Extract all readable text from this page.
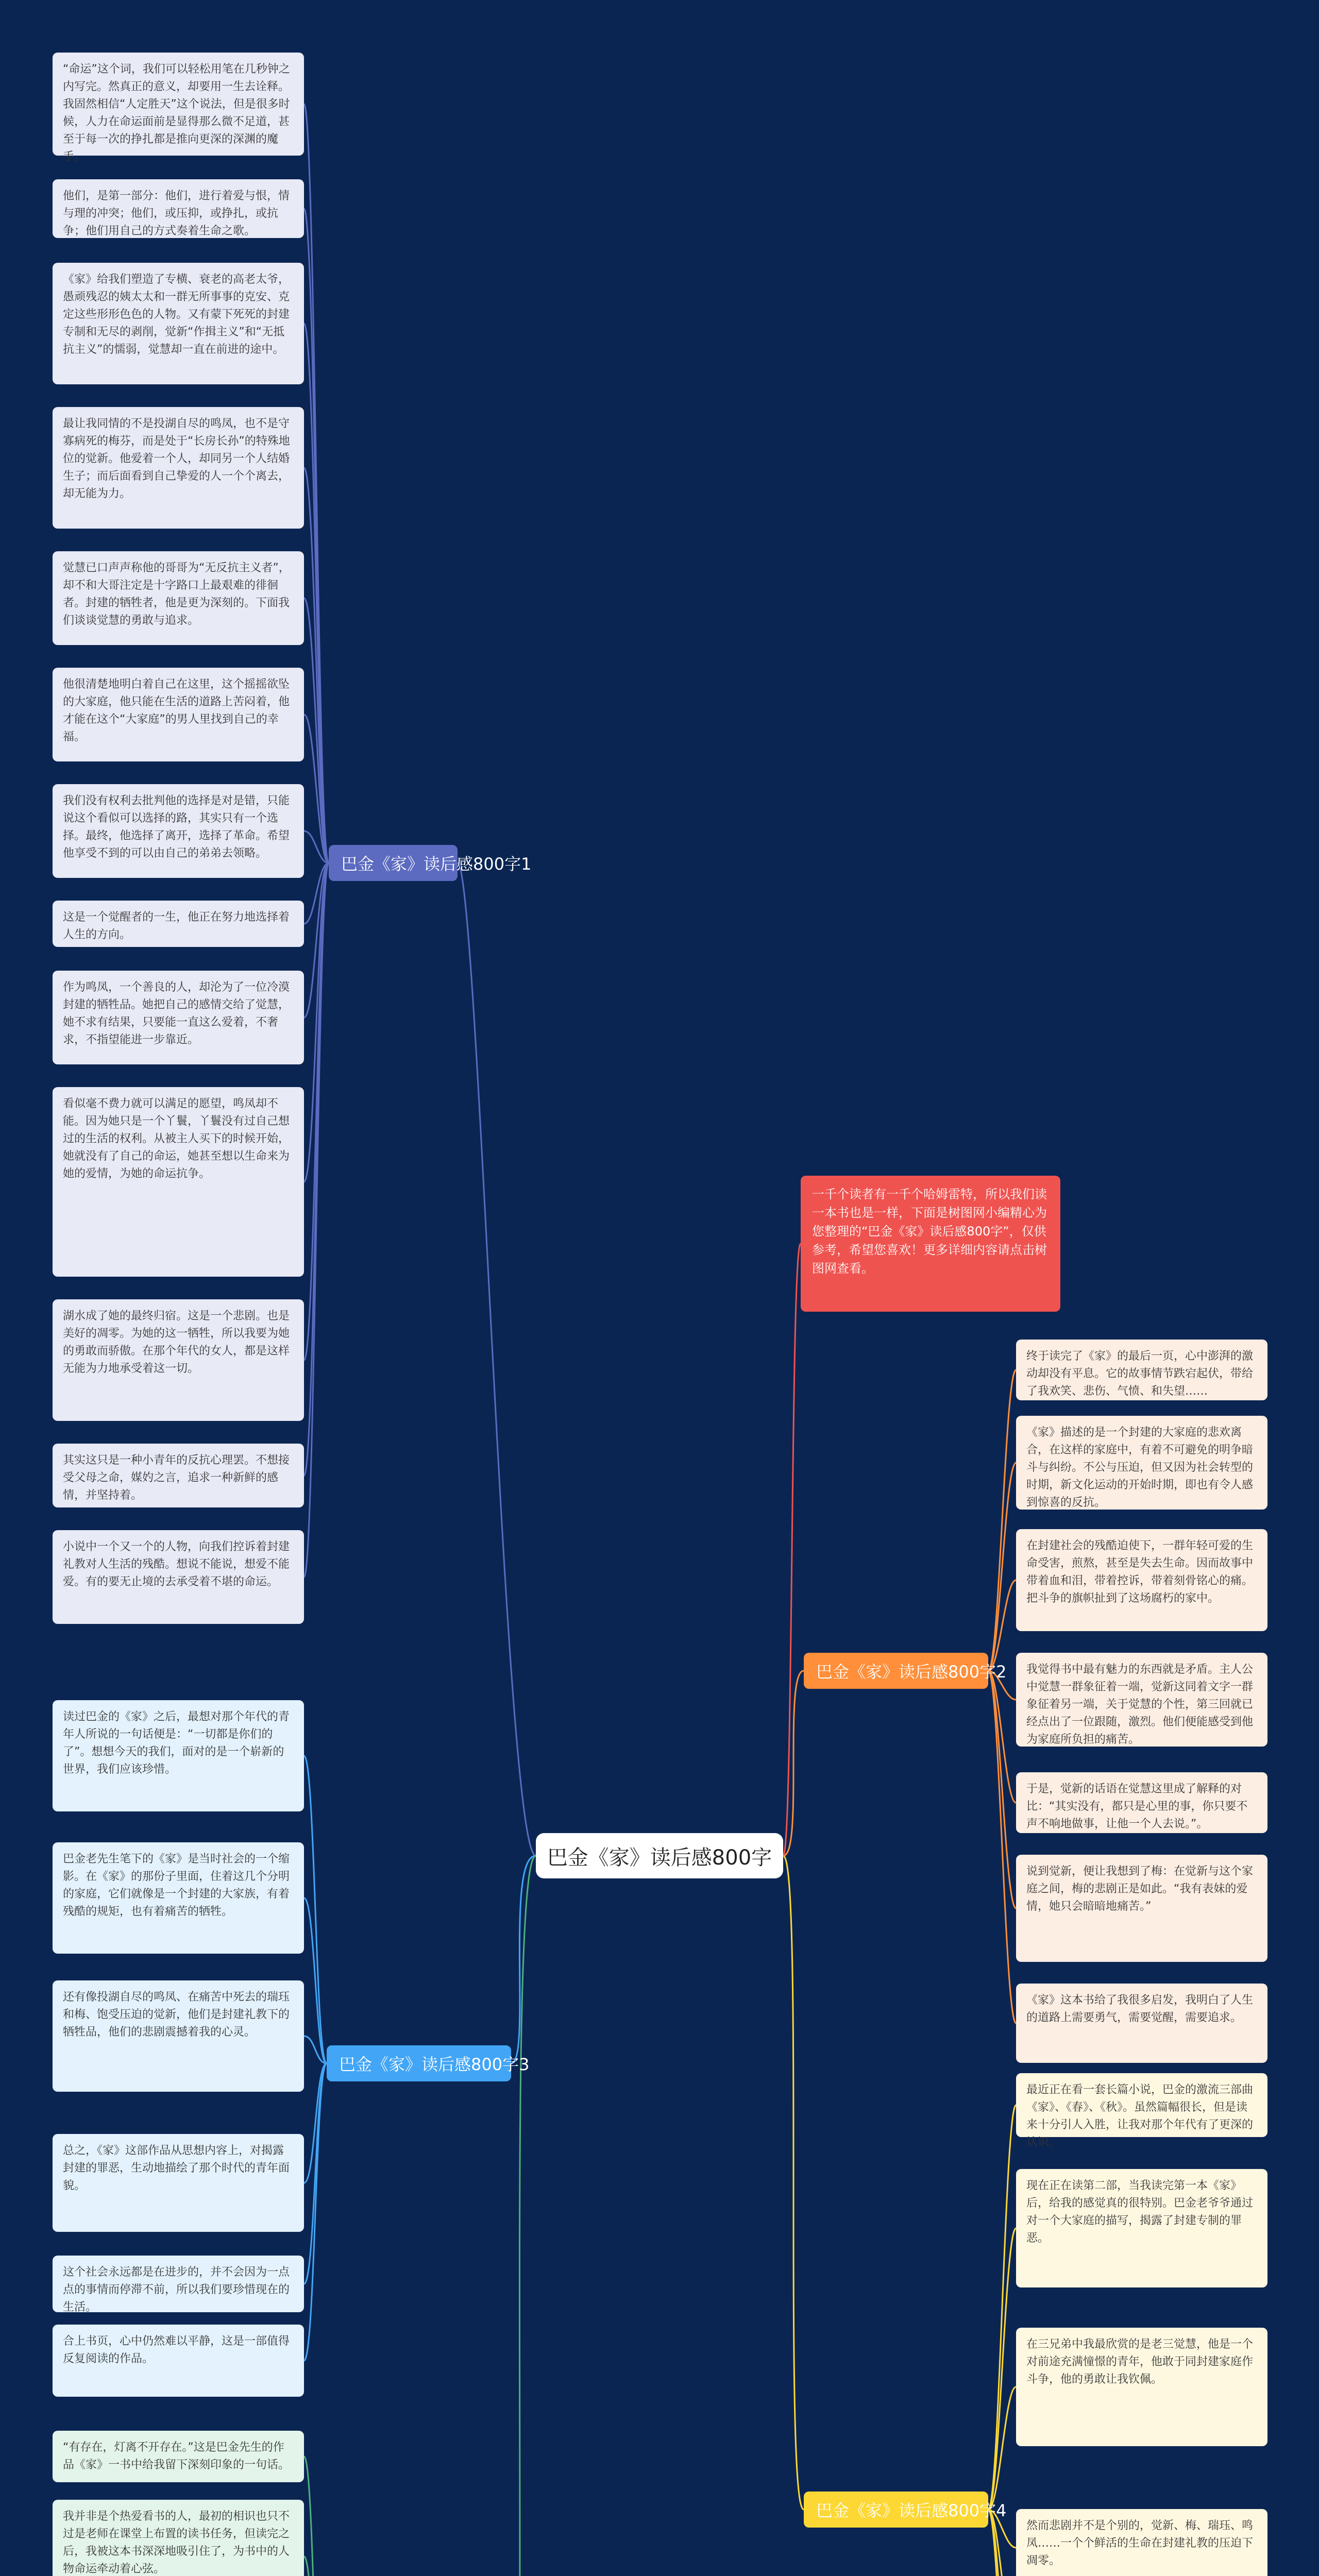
巴金《家》读后感800字
一千个读者有一千个哈姆雷特，所以我们读一本书也是一样，下面是树图网小编精心为您整理的“巴金《家》读后感800字”，仅供参考，希望您喜欢！更多详细内容请点击树图网查看。
巴金《家》读后感800字1
“命运”这个词，我们可以轻松用笔在几秒钟之内写完。然真正的意义，却要用一生去诠释。我固然相信“人定胜天”这个说法，但是很多时候，人力在命运面前是显得那么微不足道，甚至于每一次的挣扎都是推向更深的深渊的魔手。
他们，是第一部分：他们，进行着爱与恨，情与理的冲突；他们，或压抑，或挣扎，或抗争；他们用自己的方式奏着生命之歌。
《家》给我们塑造了专横、衰老的高老太爷，愚顽残忍的姨太太和一群无所事事的克安、克定这些形形色色的人物。又有蒙下死死的封建专制和无尽的剥削，觉新“作揖主义”和“无抵抗主义”的懦弱，觉慧却一直在前进的途中。
最让我同情的不是投湖自尽的鸣凤，也不是守寡病死的梅芬，而是处于“长房长孙”的特殊地位的觉新。他爱着一个人，却同另一个人结婚生子；而后面看到自己挚爱的人一个个离去，却无能为力。
觉慧已口声声称他的哥哥为“无反抗主义者”，却不和大哥注定是十字路口上最艰难的徘徊者。封建的牺牲者，他是更为深刻的。下面我们谈谈觉慧的勇敢与追求。
他很清楚地明白着自己在这里，这个摇摇欲坠的大家庭，他只能在生活的道路上苦闷着，他才能在这个“大家庭”的男人里找到自己的幸福。
我们没有权利去批判他的选择是对是错，只能说这个看似可以选择的路，其实只有一个选择。最终，他选择了离开，选择了革命。希望他享受不到的可以由自己的弟弟去领略。
这是一个觉醒者的一生，他正在努力地选择着人生的方向。
作为鸣凤，一个善良的人，却沦为了一位冷漠封建的牺牲品。她把自己的感情交给了觉慧，她不求有结果，只要能一直这么爱着，不奢求，不指望能进一步靠近。
看似毫不费力就可以满足的愿望，鸣凤却不能。因为她只是一个丫鬟，丫鬟没有过自己想过的生活的权利。从被主人买下的时候开始，她就没有了自己的命运，她甚至想以生命来为她的爱情，为她的命运抗争。
湖水成了她的最终归宿。这是一个悲剧。也是美好的凋零。为她的这一牺牲，所以我要为她的勇敢而骄傲。在那个年代的女人，都是这样无能为力地承受着这一切。
其实这只是一种小青年的反抗心理罢。不想接受父母之命，媒妁之言，追求一种新鲜的感情，并坚持着。
小说中一个又一个的人物，向我们控诉着封建礼教对人生活的残酷。想说不能说，想爱不能爱。有的要无止境的去承受着不堪的命运。
巴金《家》读后感800字2
终于读完了《家》的最后一页，心中澎湃的激动却没有平息。它的故事情节跌宕起伏，带给了我欢笑、悲伤、气愤、和失望……
《家》描述的是一个封建的大家庭的悲欢离合，在这样的家庭中，有着不可避免的明争暗斗与纠纷。不公与压迫，但又因为社会转型的时期，新文化运动的开始时期，即也有令人感到惊喜的反抗。
在封建社会的残酷迫使下，一群年轻可爱的生命受害，煎熬，甚至是失去生命。因而故事中带着血和泪，带着控诉，带着刻骨铭心的痛。把斗争的旗帜扯到了这场腐朽的家中。
我觉得书中最有魅力的东西就是矛盾。主人公中觉慧一群象征着一端，觉新这同着文字一群象征着另一端，关于觉慧的个性，第三回就已经点出了一位跟随，激烈。他们便能感受到他为家庭所负担的痛苦。
于是，觉新的话语在觉慧这里成了解释的对比：“其实没有，都只是心里的事，你只要不声不响地做事，让他一个人去说。”。
说到觉新，便让我想到了梅：在觉新与这个家庭之间，梅的悲剧正是如此。“我有表妹的爱情，她只会暗暗地痛苦。”
《家》这本书给了我很多启发，我明白了人生的道路上需要勇气，需要觉醒，需要追求。
巴金《家》读后感800字3
读过巴金的《家》之后，最想对那个年代的青年人所说的一句话便是：“一切都是你们的了”。想想今天的我们，面对的是一个崭新的世界，我们应该珍惜。
巴金老先生笔下的《家》是当时社会的一个缩影。在《家》的那份子里面，住着这几个分明的家庭，它们就像是一个封建的大家族，有着残酷的规矩，也有着痛苦的牺牲。
还有像投湖自尽的鸣凤、在痛苦中死去的瑞珏和梅、饱受压迫的觉新，他们是封建礼教下的牺牲品，他们的悲剧震撼着我的心灵。
总之，《家》这部作品从思想内容上，对揭露封建的罪恶，生动地描绘了那个时代的青年面貌。
这个社会永远都是在进步的，并不会因为一点点的事情而停滞不前，所以我们要珍惜现在的生活。
合上书页，心中仍然难以平静，这是一部值得反复阅读的作品。
巴金《家》读后感800字4
最近正在看一套长篇小说，巴金的激流三部曲《家》、《春》、《秋》。虽然篇幅很长，但是读来十分引人入胜，让我对那个年代有了更深的认识。
现在正在读第二部，当我读完第一本《家》后，给我的感觉真的很特别。巴金老爷爷通过对一个大家庭的描写，揭露了封建专制的罪恶。
在三兄弟中我最欣赏的是老三觉慧，他是一个对前途充满憧憬的青年，他敢于同封建家庭作斗争，他的勇敢让我钦佩。
然而悲剧并不是个别的，觉新、梅、瑞珏、鸣凤……一个个鲜活的生命在封建礼教的压迫下凋零。
“有存在，灯离不开存在。”这是巴金先生的作品《家》一书中给我留下深刻印象的一句话。
我并非是个热爱看书的人，最初的相识也只不过是老师在课堂上布置的读书任务，但读完之后，我被这本书深深地吸引住了，为书中的人物命运牵动着心弦。
